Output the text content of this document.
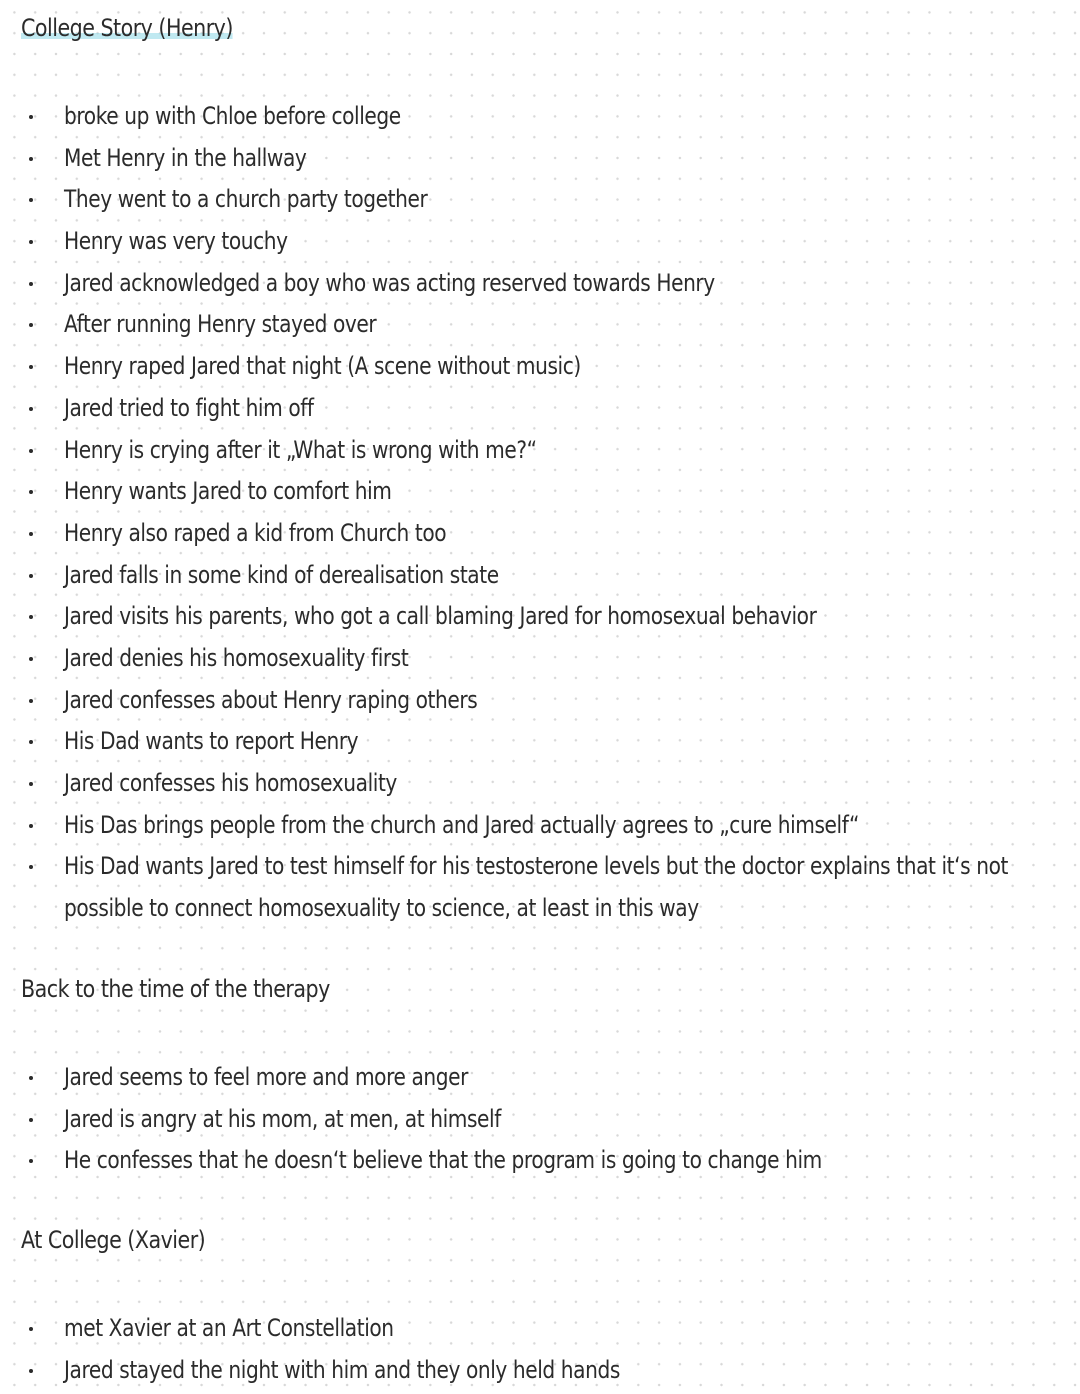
College Story (Henry)
broke up with Chloe before college
Met Henry in the hallway
They went to a church party together
Henry was very touchy
Jared acknowledged a boy who was acting reserved towards Henry
After running Henry stayed over
Henry raped Jared that night (A scene without music)
Jared tried to fight him off
Henry is crying after it „What is wrong with me?“
Henry wants Jared to comfort him
Henry also raped a kid from Church too
Jared falls in some kind of derealisation state
Jared visits his parents, who got a call blaming Jared for homosexual behavior
Jared denies his homosexuality first
Jared confesses about Henry raping others
His Dad wants to report Henry
Jared confesses his homosexuality
His Das brings people from the church and Jared actually agrees to „cure himself“
His Dad wants Jared to test himself for his testosterone levels but the doctor explains that it‘s not possible to connect homosexuality to science, at least in this way
Back to the time of the therapy
Jared seems to feel more and more anger
Jared is angry at his mom, at men, at himself
He confesses that he doesn‘t believe that the program is going to change him
At College (Xavier)
met Xavier at an Art Constellation
Jared stayed the night with him and they only held hands
